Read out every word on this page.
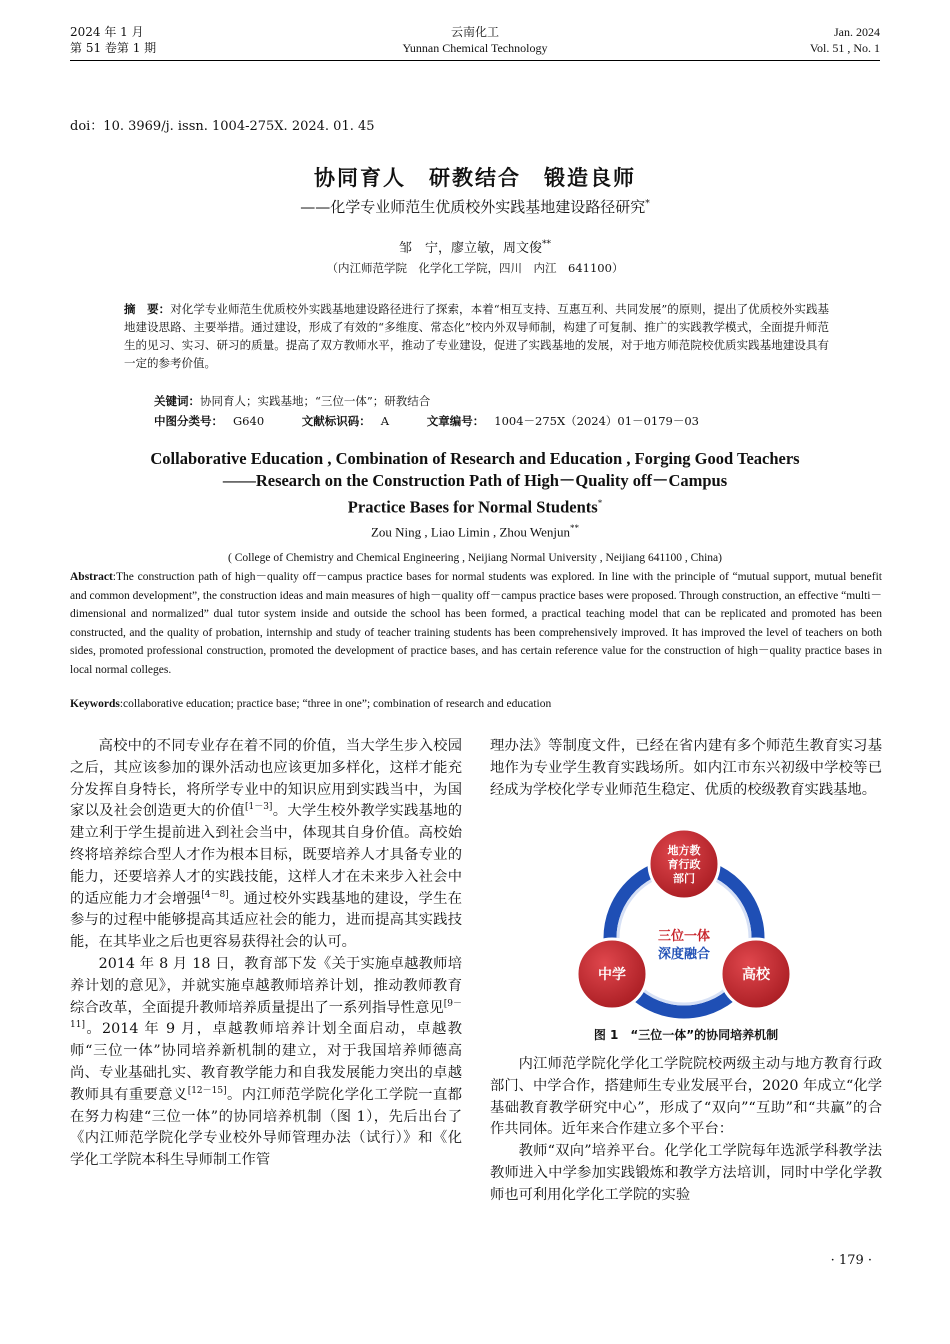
2024 年 1 月
第 51 卷第 1 期
云南化工
Yunnan Chemical Technology
Jan. 2024
Vol. 51 , No. 1
doi：10. 3969/j. issn. 1004-275X. 2024. 01. 45
协同育人　研教结合　锻造良师
——化学专业师范生优质校外实践基地建设路径研究*
邹　宁，廖立敏，周文俊**
（内江师范学院　化学化工学院，四川　内江　641100）
摘　要：对化学专业师范生优质校外实践基地建设路径进行了探索，本着“相互支持、互惠互利、共同发展”的原则，提出了优质校外实践基地建设思路、主要举措。通过建设，形成了有效的“多维度、常态化”校内外双导师制，构建了可复制、推广的实践教学模式，全面提升师范生的见习、实习、研习的质量。提高了双方教师水平，推动了专业建设，促进了实践基地的发展，对于地方师范院校优质实践基地建设具有一定的参考价值。
关键词：协同育人；实践基地；“三位一体”；研教结合
中图分类号： G640	文献标识码： A	文章编号： 1004－275X（2024）01－0179－03
Collaborative Education , Combination of Research and Education , Forging Good Teachers
——Research on the Construction Path of High－Quality off－Campus
Practice Bases for Normal Students*
Zou Ning , Liao Limin , Zhou Wenjun**
( College of Chemistry and Chemical Engineering , Neijiang Normal University , Neijiang 641100 , China)
Abstract:The construction path of high－quality off－campus practice bases for normal students was explored. In line with the principle of “mutual support, mutual benefit and common development”, the construction ideas and main measures of high－quality off－campus practice bases were proposed. Through construction, an effective “multi－dimensional and normalized” dual tutor system inside and outside the school has been formed, a practical teaching model that can be replicated and promoted has been constructed, and the quality of probation, internship and study of teacher training students has been comprehensively improved. It has improved the level of teachers on both sides, promoted professional construction, promoted the development of practice bases, and has certain reference value for the construction of high－quality practice bases in local normal colleges.
Keywords:collaborative education; practice base; “three in one”; combination of research and education

高校中的不同专业存在着不同的价值，当大学生步入校园之后，其应该参加的课外活动也应该更加多样化，这样才能充分发挥自身特长，将所学专业中的知识应用到实践当中，为国家以及社会创造更大的价值[1－3]。大学生校外教学实践基地的建立利于学生提前进入到社会当中，体现其自身价值。高校始终将培养综合型人才作为根本目标，既要培养人才具备专业的能力，还要培养人才的实践技能，这样人才在未来步入社会中的适应能力才会增强[4－8]。通过校外实践基地的建设，学生在参与的过程中能够提高其适应社会的能力，进而提高其实践技能，在其毕业之后也更容易获得社会的认可。

2014 年 8 月 18 日，教育部下发《关于实施卓越教师培养计划的意见》，并就实施卓越教师培养计划，推动教师教育综合改革，全面提升教师培养质量提出了一系列指导性意见[9－11]。2014 年 9 月，卓越教师培养计划全面启动，卓越教师“三位一体”协同培养新机制的建立，对于我国培养师德高尚、专业基础扎实、教育教学能力和自我发展能力突出的卓越教师具有重要意义[12－15]。内江师范学院化学化工学院一直都在努力构建“三位一体”的协同培养机制（图 1），先后出台了《内江师范学院化学专业校外导师管理办法（试行）》和《化学化工学院本科生导师制工作管

理办法》等制度文件，已经在省内建有多个师范生教育实习基地作为专业学生教育实践场所。如内江市东兴初级中学校等已经成为学校化学专业师范生稳定、优质的校级教育实践基地。

地方教
育行政
部门
中学	高校
三位一体
深度融合
图 1　“三位一体”的协同培养机制

内江师范学院化学化工学院院校两级主动与地方教育行政部门、中学合作，搭建师生专业发展平台，2020 年成立“化学基础教育教学研究中心”，形成了“双向”“互助”和“共赢”的合作共同体。近年来合作建立多个平台：

教师“双向”培养平台。化学化工学院每年选派学科教学法教师进入中学参加实践锻炼和教学方法培训，同时中学化学教师也可利用化学化工学院的实验

· 179 ·
